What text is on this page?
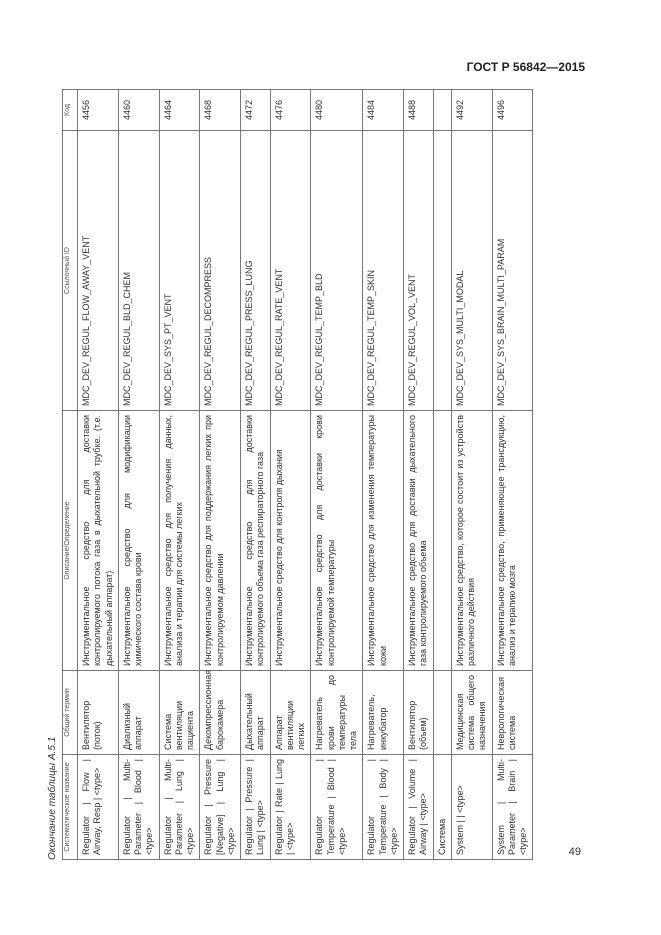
ГОСТ Р 56842—2015
Окончание таблицы А.5.1 Систематическое название	Общий термин	Описание/Определение	Ссылочный ID	Код
Regulator | Flow | Airway, Resp | <type>	Вентилятор (поток)	Инструментальное средство для доставки контролируемого потока газа в дыхательной трубке. (т.е. дыхательный аппарат)	MDC_DEV_REGUL_FLOW_AWAY_VENT	4456
Regulator | Multi-Parameter | Blood | <type>	Диализный аппарат	Инструментальное средство для модификации химического состава крови	MDC_DEV_REGUL_BLD_CHEM	4460
Regulator | Multi-Parameter | Lung | <type>	Система вентиляции пациента	Инструментальное средство для получения данных, анализа и терапии для системы легких	MDC_DEV_SYS_PT_VENT	4464
Regulator | Pressure [Negative] | Lung | <type>	Декомпрессионная барокамера	Инструментальное средство для поддержания легких при контролируемом давлении	MDC_DEV_REGUL_DECOMPRESS	4468
Regulator | Pressure | Lung | <type>	Дыхательный аппарат	Инструментальное средство для доставки контролируемого объема газа респираторного газа	MDC_DEV_REGUL_PRESS_LUNG	4472
Regulator | Rate | Lung | <type>	Аппарат вентиляции легких	Инструментальное средство для контроля дыхания	MDC_DEV_REGUL_RATE_VENT	4476
Regulator | Temperature | Blood | <type>	Нагреватель крови до температуры тела	Инструментальное средство для доставки крови контролируемой температуры	MDC_DEV_REGUL_TEMP_BLD	4480
Regulator | Temperature | Body | <type>	Нагреватель, инкубатор	Инструментальное средство для изменения температуры кожи	MDC_DEV_REGUL_TEMP_SKIN	4484
Regulator | Volume | Airway | <type>	Вентилятор (объем)	Инструментальное средство для доставки дыхательного газа контролируемого объема	MDC_DEV_REGUL_VOL_VENT	4488
Система				
System | | <type>	Медицинская система общего назначения	Инструментальное средство, которое состоит из устройств различного действия	MDC_DEV_SYS_MULTI_MODAL	4492
System | Multi-Parameter | Brain | <type>	Неврологическая система	Инструментальное средство, применяющее трансдукцию, анализ и терапию мозга	MDC_DEV_SYS_BRAIN_MULTI_PARAM	4496
49
